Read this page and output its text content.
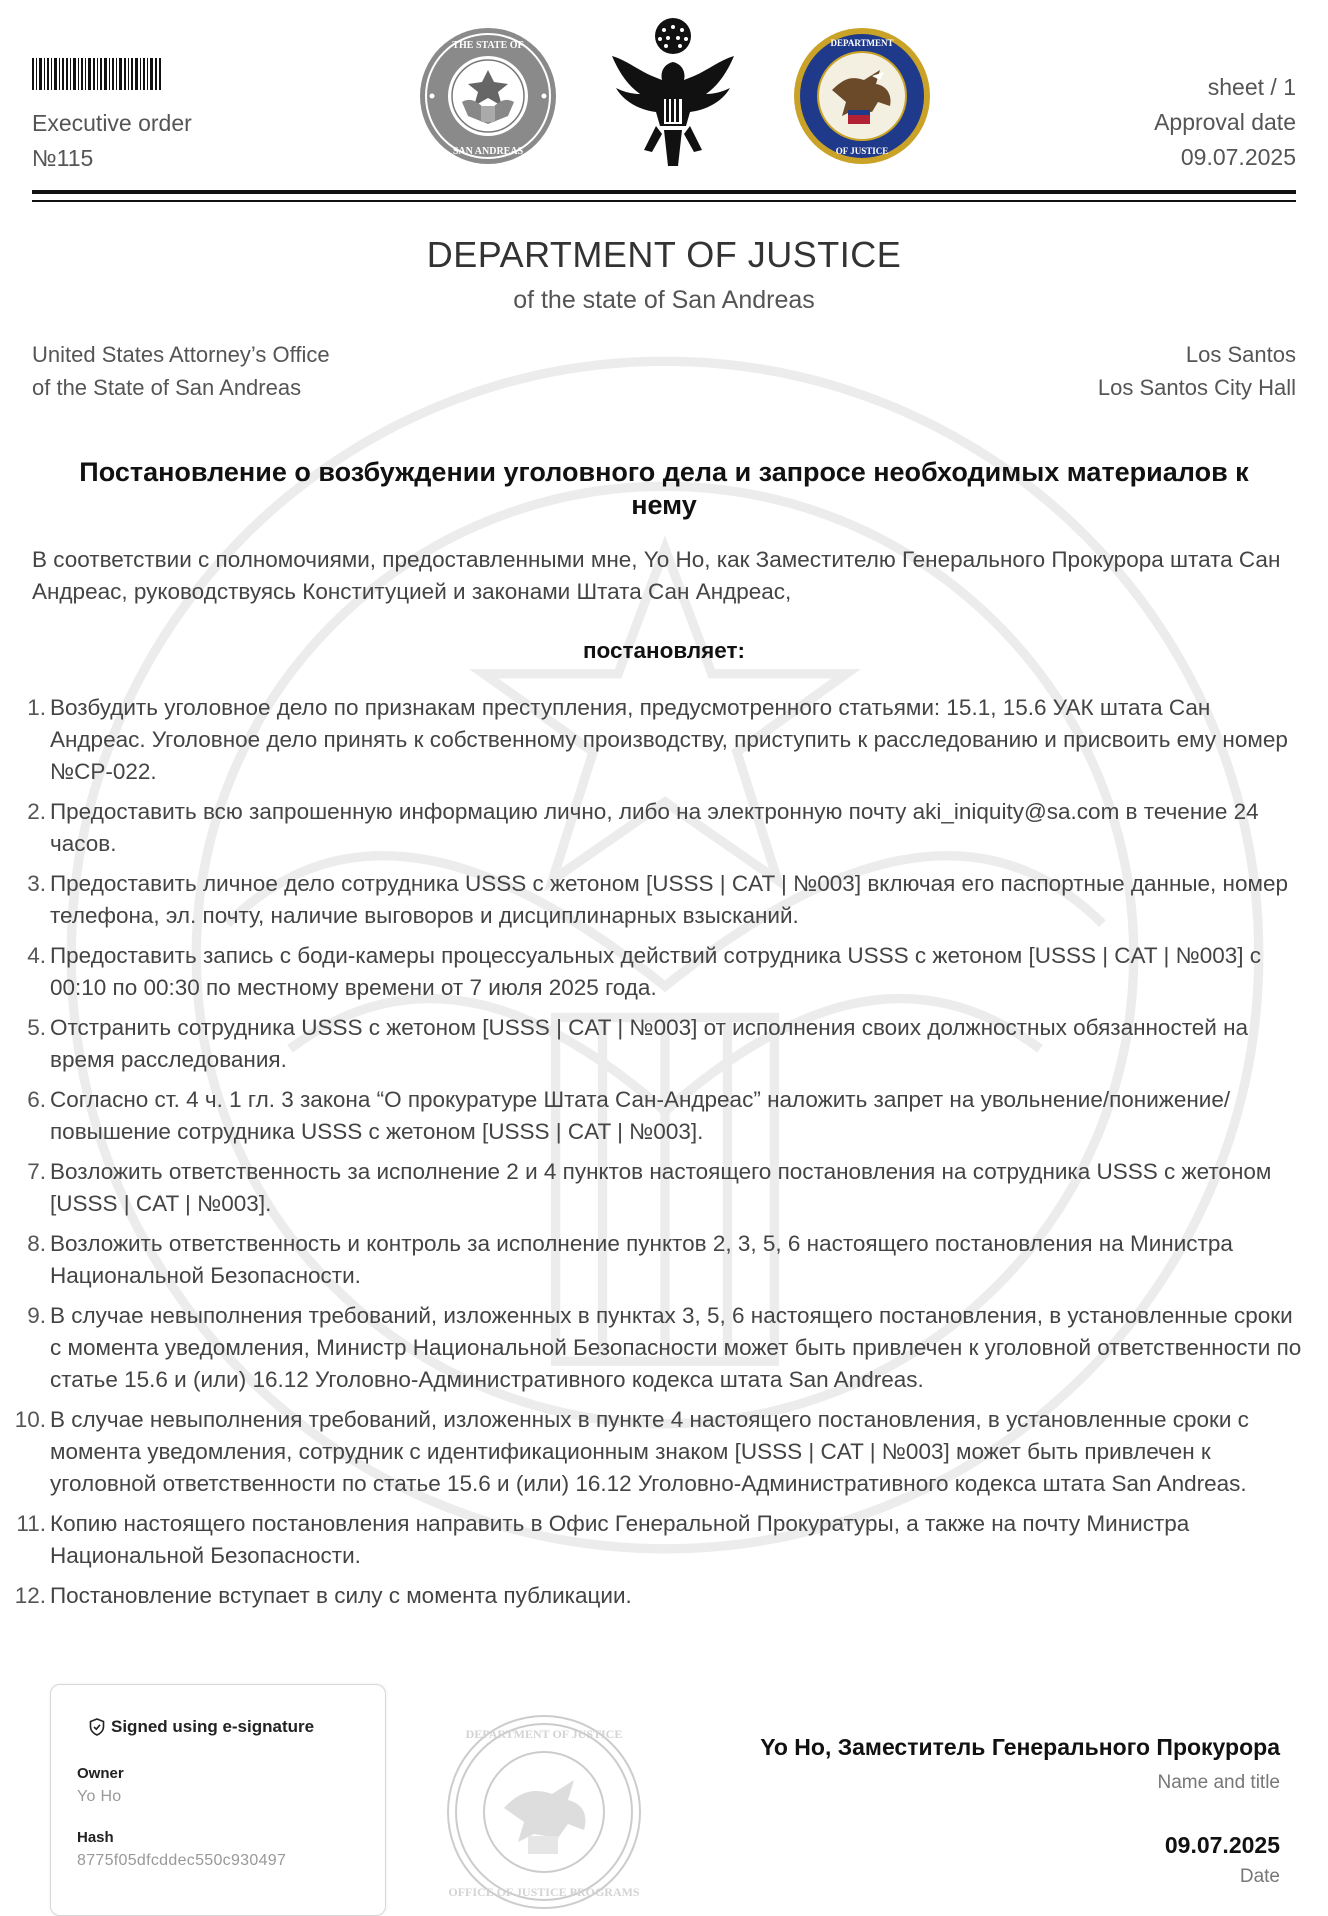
Executive order
№115
sheet / 1
Approval date
09.07.2025
THE STATE OF
SAN ANDREAS
DEPARTMENT
OF JUSTICE
DEPARTMENT OF JUSTICE
of the state of San Andreas
United States Attorney’s Office
of the State of San Andreas
Los Santos
Los Santos City Hall
Постановление о возбуждении уголовного дела и запросе необходимых материалов к нему
В соответствии с полномочиями, предоставленными мне, Yo Ho, как Заместителю Генерального Прокурора штата Сан Андреас, руководствуясь Конституцией и законами Штата Сан Андреас,
постановляет:
1. Возбудить уголовное дело по признакам преступления, предусмотренного статьями: 15.1, 15.6 УАК штата Сан Андреас. Уголовное дело принять к собственному производству, приступить к расследованию и присвоить ему номер №CP-022.
2. Предоставить всю запрошенную информацию лично, либо на электронную почту aki_iniquity@sa.com в течение 24 часов.
3. Предоставить личное дело сотрудника USSS с жетоном [USSS | CAT | №003] включая его паспортные данные, номер телефона, эл. почту, наличие выговоров и дисциплинарных взысканий.
4. Предоставить запись с боди-камеры процессуальных действий сотрудника USSS с жетоном [USSS | CAT | №003] с 00:10 по 00:30 по местному времени от 7 июля 2025 года.
5. Отстранить сотрудника USSS с жетоном [USSS | CAT | №003] от исполнения своих должностных обязанностей на время расследования.
6. Согласно ст. 4 ч. 1 гл. 3 закона “О прокуратуре Штата Сан-Андреас” наложить запрет на увольнение/понижение/повышение сотрудника USSS с жетоном [USSS | CAT | №003].
7. Возложить ответственность за исполнение 2 и 4 пунктов настоящего постановления на сотрудника USSS с жетоном [USSS | CAT | №003].
8. Возложить ответственность и контроль за исполнение пунктов 2, 3, 5, 6 настоящего постановления на Министра Национальной Безопасности.
9. В случае невыполнения требований, изложенных в пунктах 3, 5, 6 настоящего постановления, в установленные сроки с момента уведомления, Министр Национальной Безопасности может быть привлечен к уголовной ответственности по статье 15.6 и (или) 16.12 Уголовно-Административного кодекса штата San Andreas.
10. В случае невыполнения требований, изложенных в пункте 4 настоящего постановления, в установленные сроки с момента уведомления, сотрудник с идентификационным знаком [USSS | CAT | №003] может быть привлечен к уголовной ответственности по статье 15.6 и (или) 16.12 Уголовно-Административного кодекса штата San Andreas.
11. Копию настоящего постановления направить в Офис Генеральной Прокуратуры, а также на почту Министра Национальной Безопасности.
12. Постановление вступает в силу с момента публикации.
Signed using e-signature
Owner
Yo Ho
Hash
8775f05dfcddec550c930497
DEPARTMENT OF JUSTICE
OFFICE OF JUSTICE PROGRAMS
Yo Ho, Заместитель Генерального Прокурора
Name and title
09.07.2025
Date
